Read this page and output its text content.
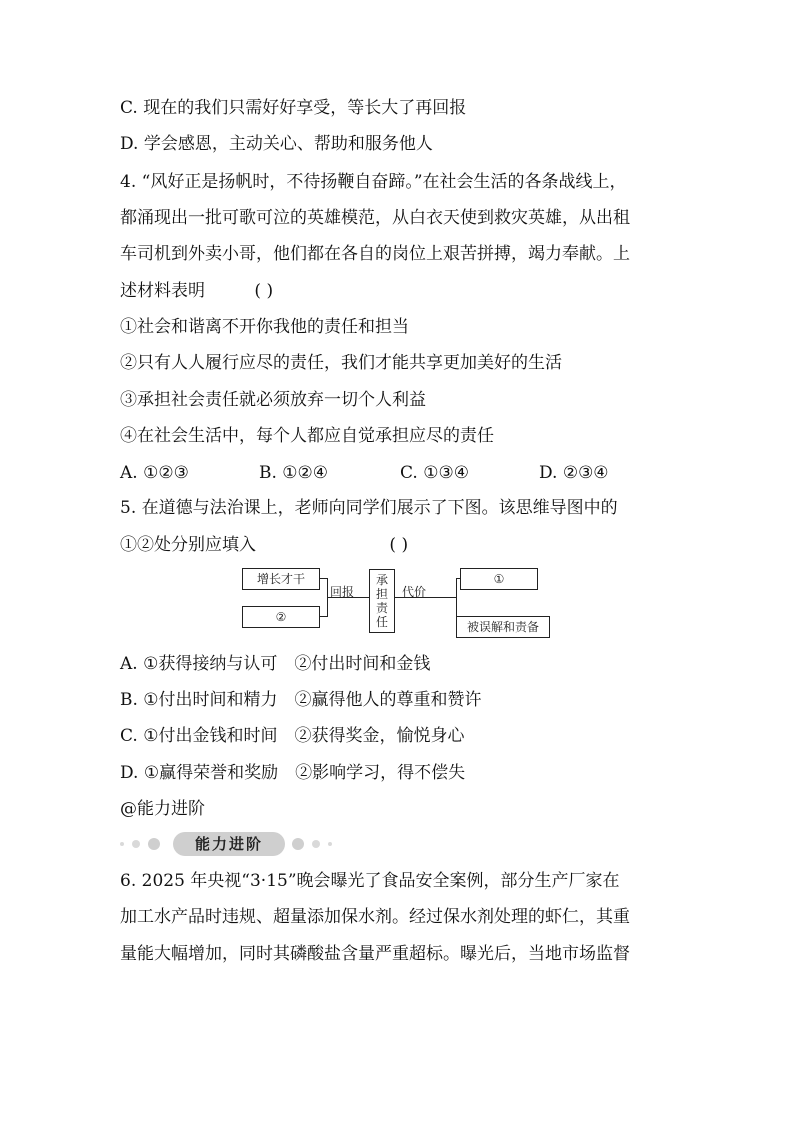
C. 现在的我们只需好好享受，等长大了再回报
D. 学会感恩，主动关心、帮助和服务他人
4. “风好正是扬帆时，不待扬鞭自奋蹄。”在社会生活的各条战线上，
都涌现出一批可歌可泣的英雄模范，从白衣天使到救灾英雄，从出租
车司机到外卖小哥，他们都在各自的岗位上艰苦拼搏，竭力奉献。上
述材料表明	( )
①社会和谐离不开你我他的责任和担当
②只有人人履行应尽的责任，我们才能共享更加美好的生活
③承担社会责任就必须放弃一切个人利益
④在社会生活中，每个人都应自觉承担应尽的责任
A. ①②③	B. ①②④	C. ①③④	D. ②③④
5. 在道德与法治课上，老师向同学们展示了下图。该思维导图中的
①②处分别应填入	( )
增长才干
②
回报
承
担
责
任
代价
①
被误解和责备
A. ①获得接纳与认可　②付出时间和金钱
B. ①付出时间和精力　②赢得他人的尊重和赞许
C. ①付出金钱和时间　②获得奖金，愉悦身心
D. ①赢得荣誉和奖励　②影响学习，得不偿失
@能力进阶
能力进阶
6. 2025 年央视“3·15”晚会曝光了食品安全案例，部分生产厂家在
加工水产品时违规、超量添加保水剂。经过保水剂处理的虾仁，其重
量能大幅增加，同时其磷酸盐含量严重超标。曝光后，当地市场监督
